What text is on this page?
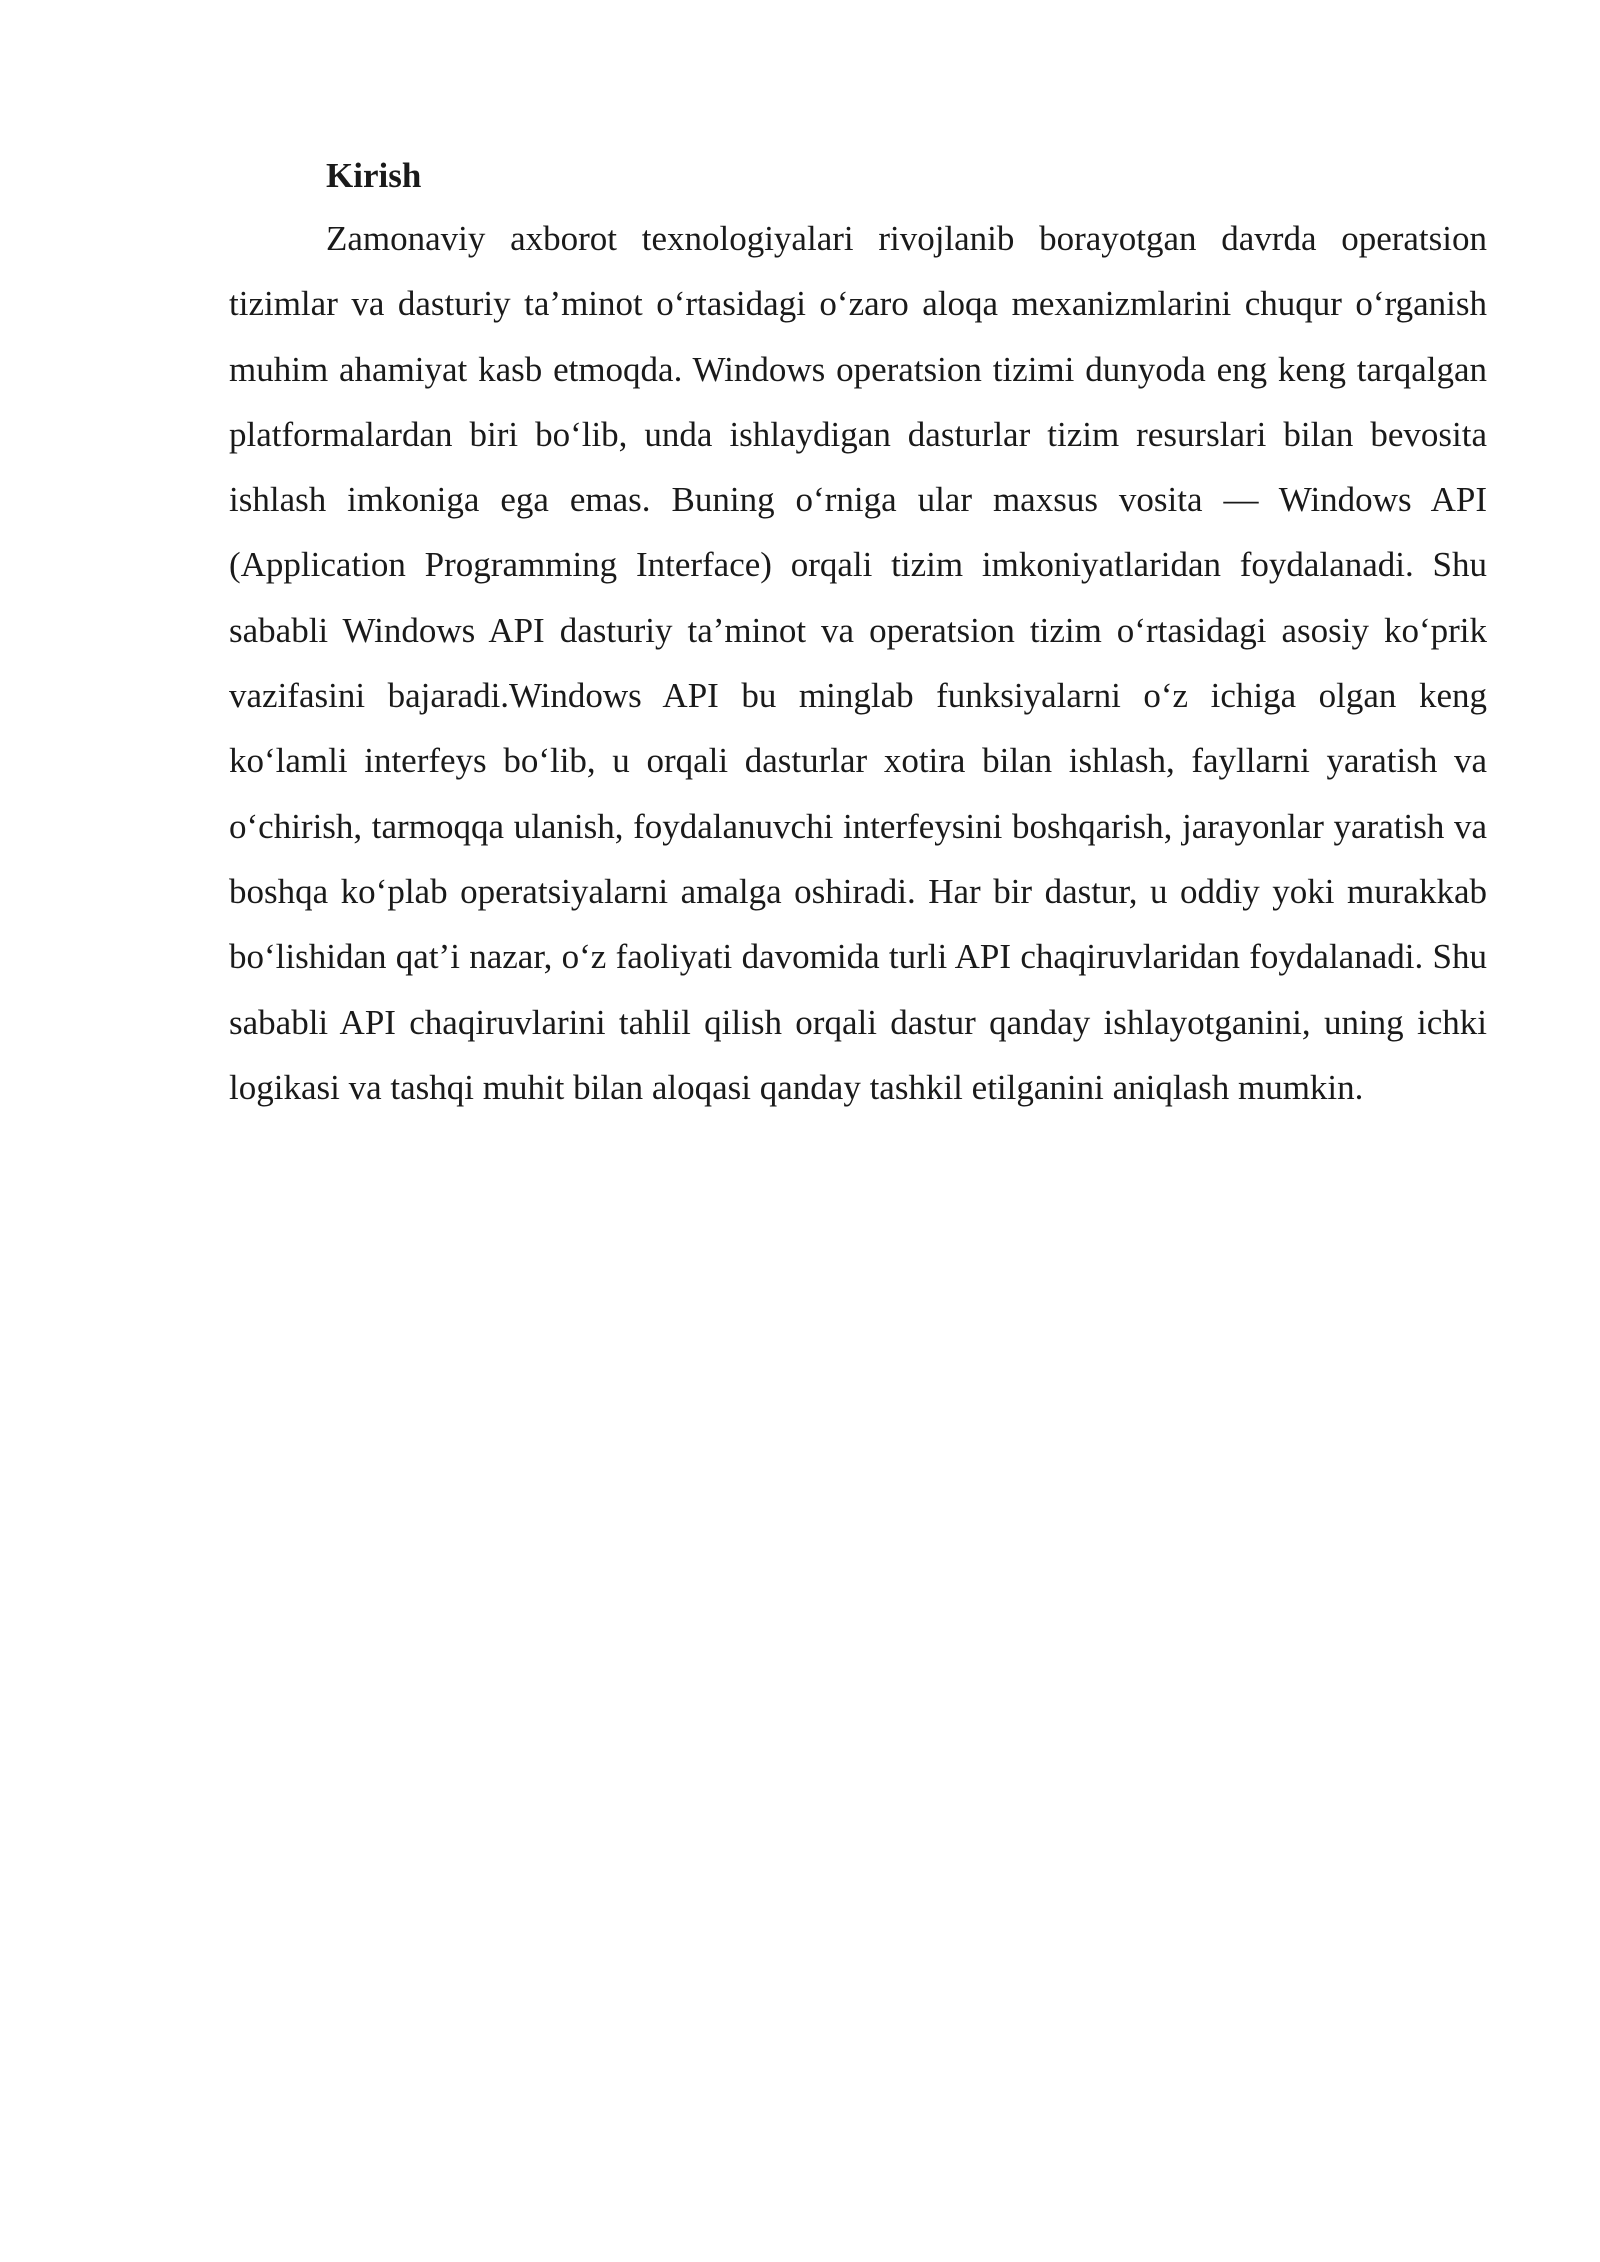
Kirish

Zamonaviy axborot texnologiyalari rivojlanib borayotgan davrda operatsion tizimlar va dasturiy ta’minot o‘rtasidagi o‘zaro aloqa mexanizmlarini chuqur o‘rganish muhim ahamiyat kasb etmoqda. Windows operatsion tizimi dunyoda eng keng tarqalgan platformalardan biri bo‘lib, unda ishlaydigan dasturlar tizim resurslari bilan bevosita ishlash imkoniga ega emas. Buning o‘rniga ular maxsus vosita — Windows API (Application Programming Interface) orqali tizim imkoniyatlaridan foydalanadi. Shu sababli Windows API dasturiy ta’minot va operatsion tizim o‘rtasidagi asosiy ko‘prik vazifasini bajaradi.Windows API bu minglab funksiyalarni o‘z ichiga olgan keng ko‘lamli interfeys bo‘lib, u orqali dasturlar xotira bilan ishlash, fayllarni yaratish va o‘chirish, tarmoqqa ulanish, foydalanuvchi interfeysini boshqarish, jarayonlar yaratish va boshqa ko‘plab operatsiyalarni amalga oshiradi. Har bir dastur, u oddiy yoki murakkab bo‘lishidan qat’i nazar, o‘z faoliyati davomida turli API chaqiruvlaridan foydalanadi. Shu sababli API chaqiruvlarini tahlil qilish orqali dastur qanday ishlayotganini, uning ichki logikasi va tashqi muhit bilan aloqasi qanday tashkil etilganini aniqlash mumkin.
